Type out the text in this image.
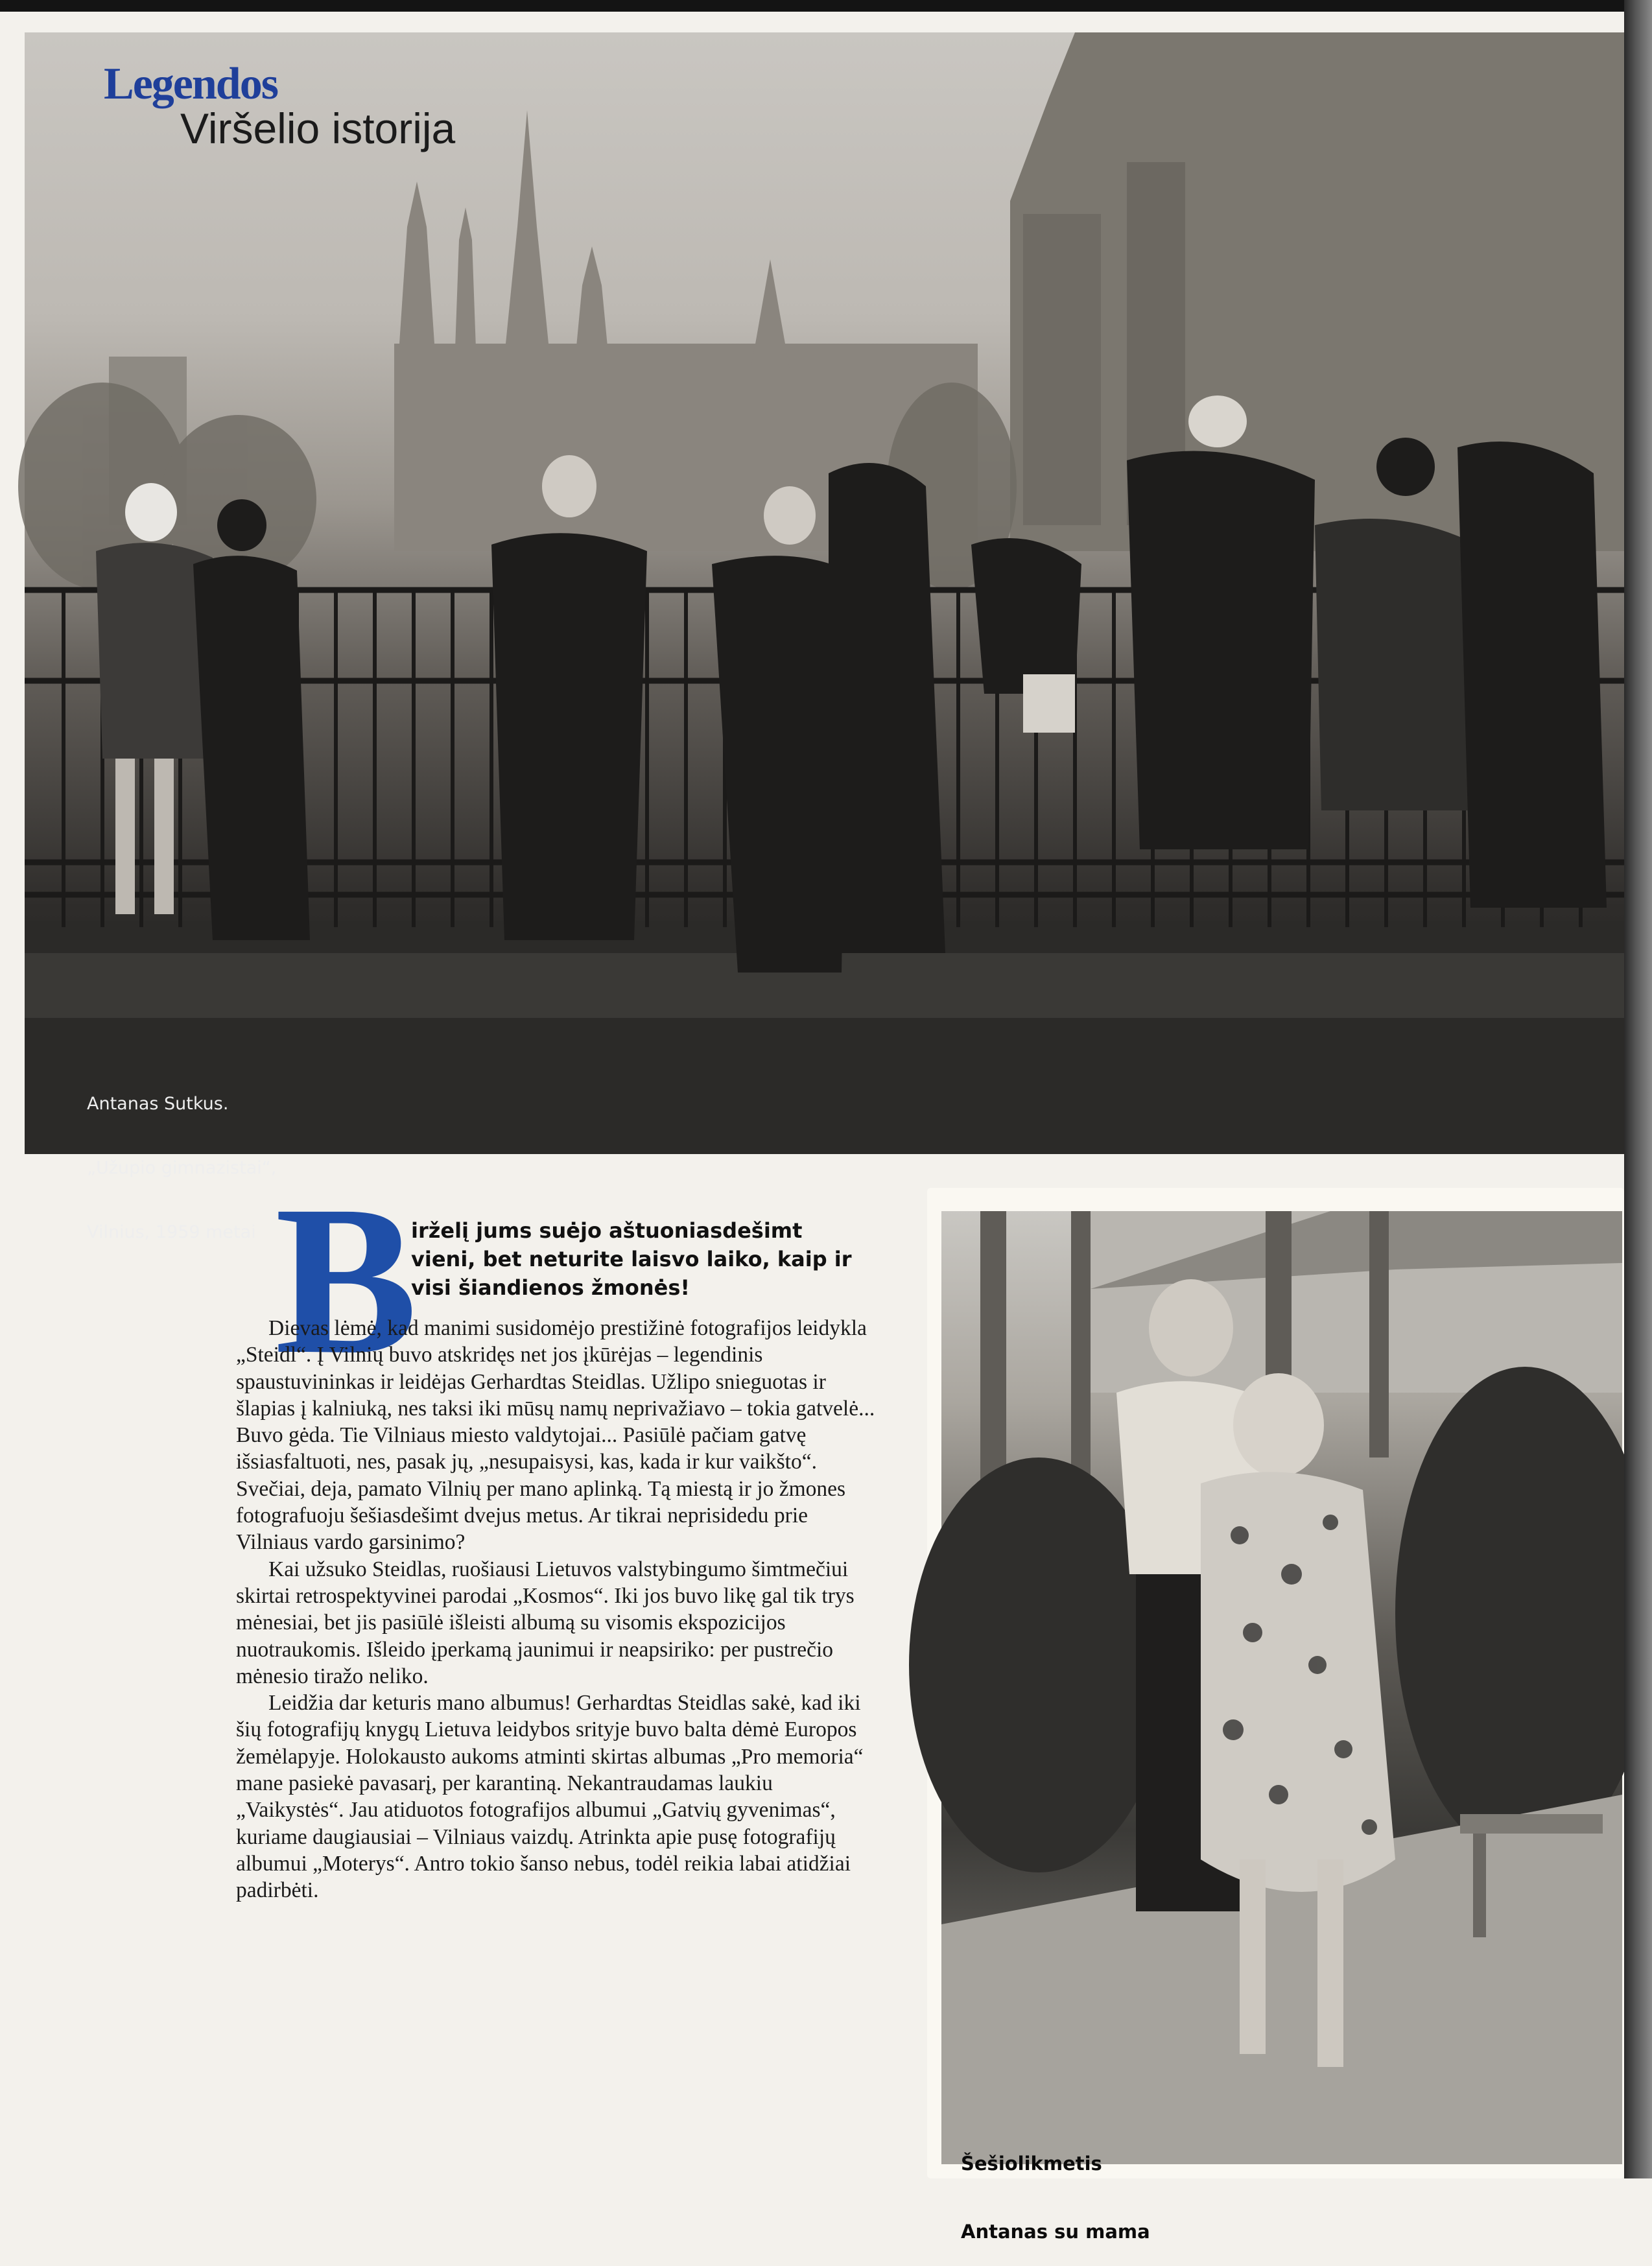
Legendos
Viršelio istorija

Antanas Sutkus.

„Užupio gimnazistai“,

Vilnius, 1959 metai

B
irželį jums suėjo aštuoniasdešimt vieni, bet neturite laisvo laiko, kaip ir visi šiandienos žmonės!

Dievas lėmė, kad manimi susidomėjo prestižinė fotografijos leidykla „Steidl“. Į Vilnių buvo atskridęs net jos įkūrėjas – legendinis spaustuvininkas ir leidėjas Gerhardtas Steidlas. Užlipo snieguotas ir šlapias į kalniuką, nes taksi iki mūsų namų neprivažiavo – tokia gatvelė... Buvo gėda. Tie Vilniaus miesto valdytojai... Pasiūlė pačiam gatvę išsiasfaltuoti, nes, pasak jų, „nesupaisysi, kas, kada ir kur vaikšto“. Svečiai, deja, pamato Vilnių per mano aplinką. Tą miestą ir jo žmones fotografuoju šešiasdešimt dvejus metus. Ar tikrai neprisidedu prie Vilniaus vardo garsinimo?

Kai užsuko Steidlas, ruošiausi Lietuvos valstybingumo šimtmečiui skirtai retrospektyvinei parodai „Kosmos“. Iki jos buvo likę gal tik trys mėnesiai, bet jis pasiūlė išleisti albumą su visomis ekspozicijos nuotraukomis. Išleido įperkamą jaunimui ir neapsiriko: per pustrečio mėnesio tiražo neliko.

Leidžia dar keturis mano albumus! Gerhardtas Steidlas sakė, kad iki šių fotografijų knygų Lietuva leidybos srityje buvo balta dėmė Europos žemėlapyje. Holokausto aukoms atminti skirtas albumas „Pro memoria“ mane pasiekė pavasarį, per karantiną. Nekantraudamas laukiu „Vaikystės“. Jau atiduotos fotografijos albumui „Gatvių gyvenimas“, kuriame daugiausiai – Vilniaus vaizdų. Atrinkta apie pusę fotografijų albumui „Moterys“. Antro tokio šanso nebus, todėl reikia labai atidžiai padirbėti.

Šešiolikmetis

Antanas su mama
